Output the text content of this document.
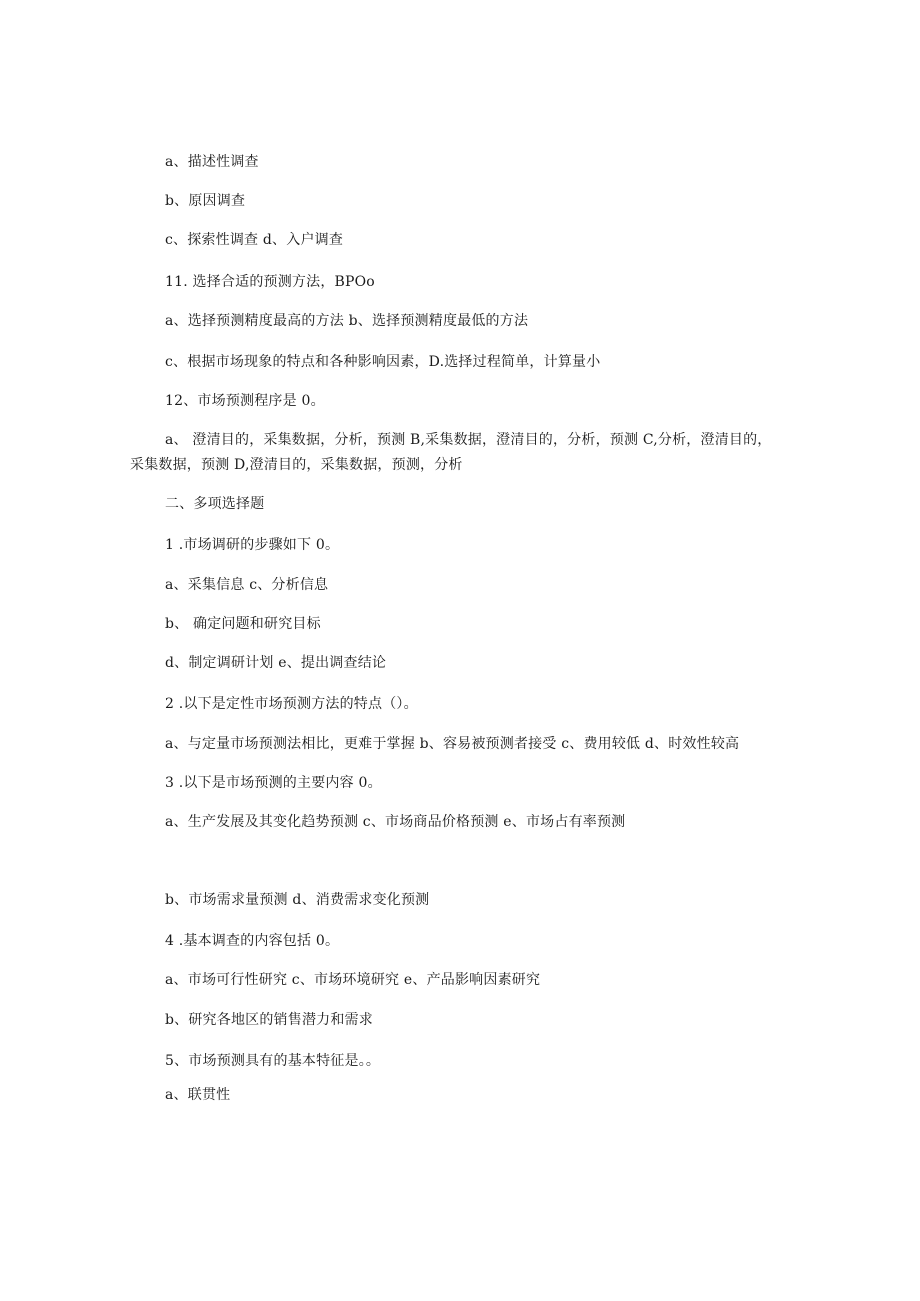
a、描述性调查
b、原因调查
c、探索性调查 d、入户调查
11. 选择合适的预测方法，BPOo
a、选择预测精度最高的方法 b、选择预测精度最低的方法
c、根据市场现象的特点和各种影响因素，D.选择过程简单，计算量小
12、市场预测程序是 0。
a、 澄清目的，采集数据，分析，预测 B,采集数据，澄清目的，分析，预测 C,分析，澄清目的，采集数据，预测 D,澄清目的，采集数据，预测，分析
二、多项选择题
1 .市场调研的步骤如下 0。
a、采集信息 c、分析信息
b、 确定问题和研究目标
d、制定调研计划 e、提出调查结论
2 .以下是定性市场预测方法的特点（）。
a、与定量市场预测法相比，更难于掌握 b、容易被预测者接受 c、费用较低 d、时效性较高
3 .以下是市场预测的主要内容 0。
a、生产发展及其变化趋势预测 c、市场商品价格预测 e、市场占有率预测
b、市场需求量预测 d、消费需求变化预测
4 .基本调查的内容包括 0。
a、市场可行性研究 c、市场环境研究 e、产品影响因素研究
b、研究各地区的销售潜力和需求
5、市场预测具有的基本特征是。。
a、联贯性
